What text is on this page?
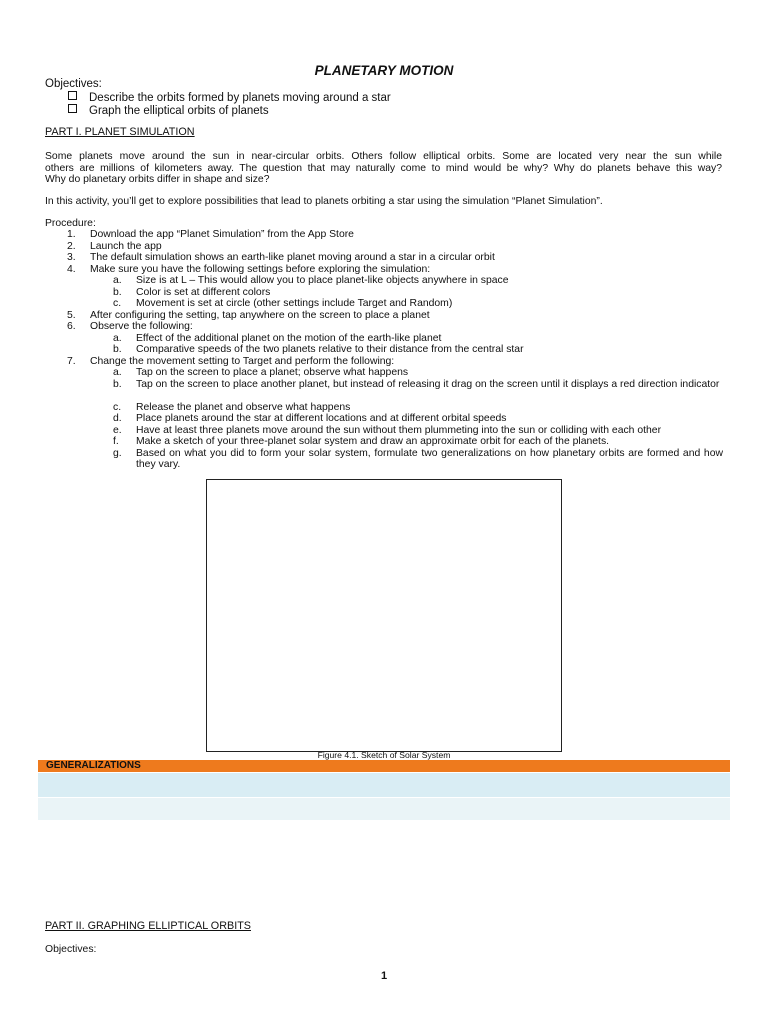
PLANETARY MOTION
Objectives:
Describe the orbits formed by planets moving around a star
Graph the elliptical orbits of planets
PART I. PLANET SIMULATION
Some planets move around the sun in near-circular orbits. Others follow elliptical orbits. Some are located very near the sun while
others are millions of kilometers away. The question that may naturally come to mind would be why? Why do planets behave this way?
Why do planetary orbits differ in shape and size?
In this activity, you’ll get to explore possibilities that lead to planets orbiting a star using the simulation “Planet Simulation”.
Procedure:
1. Download the app “Planet Simulation” from the App Store
2. Launch the app
3. The default simulation shows an earth-like planet moving around a star in a circular orbit
4. Make sure you have the following settings before exploring the simulation:
a. Size is at L – This would allow you to place planet-like objects anywhere in space
b. Color is set at different colors
c. Movement is set at circle (other settings include Target and Random)
5. After configuring the setting, tap anywhere on the screen to place a planet
6. Observe the following:
a. Effect of the additional planet on the motion of the earth-like planet
b. Comparative speeds of the two planets relative to their distance from the central star
7. Change the movement setting to Target and perform the following:
a. Tap on the screen to place a planet; observe what happens
b. Tap on the screen to place another planet, but instead of releasing it drag on the screen until it displays a red direction indicator
c. Release the planet and observe what happens
d. Place planets around the star at different locations and at different orbital speeds
e. Have at least three planets move around the sun without them plummeting into the sun or colliding with each other
f. Make a sketch of your three-planet solar system and draw an approximate orbit for each of the planets.
g. Based on what you did to form your solar system, formulate two generalizations on how planetary orbits are formed and how they vary.
Figure 4.1. Sketch of Solar System
GENERALIZATIONS
PART II. GRAPHING ELLIPTICAL ORBITS
Objectives:
1
